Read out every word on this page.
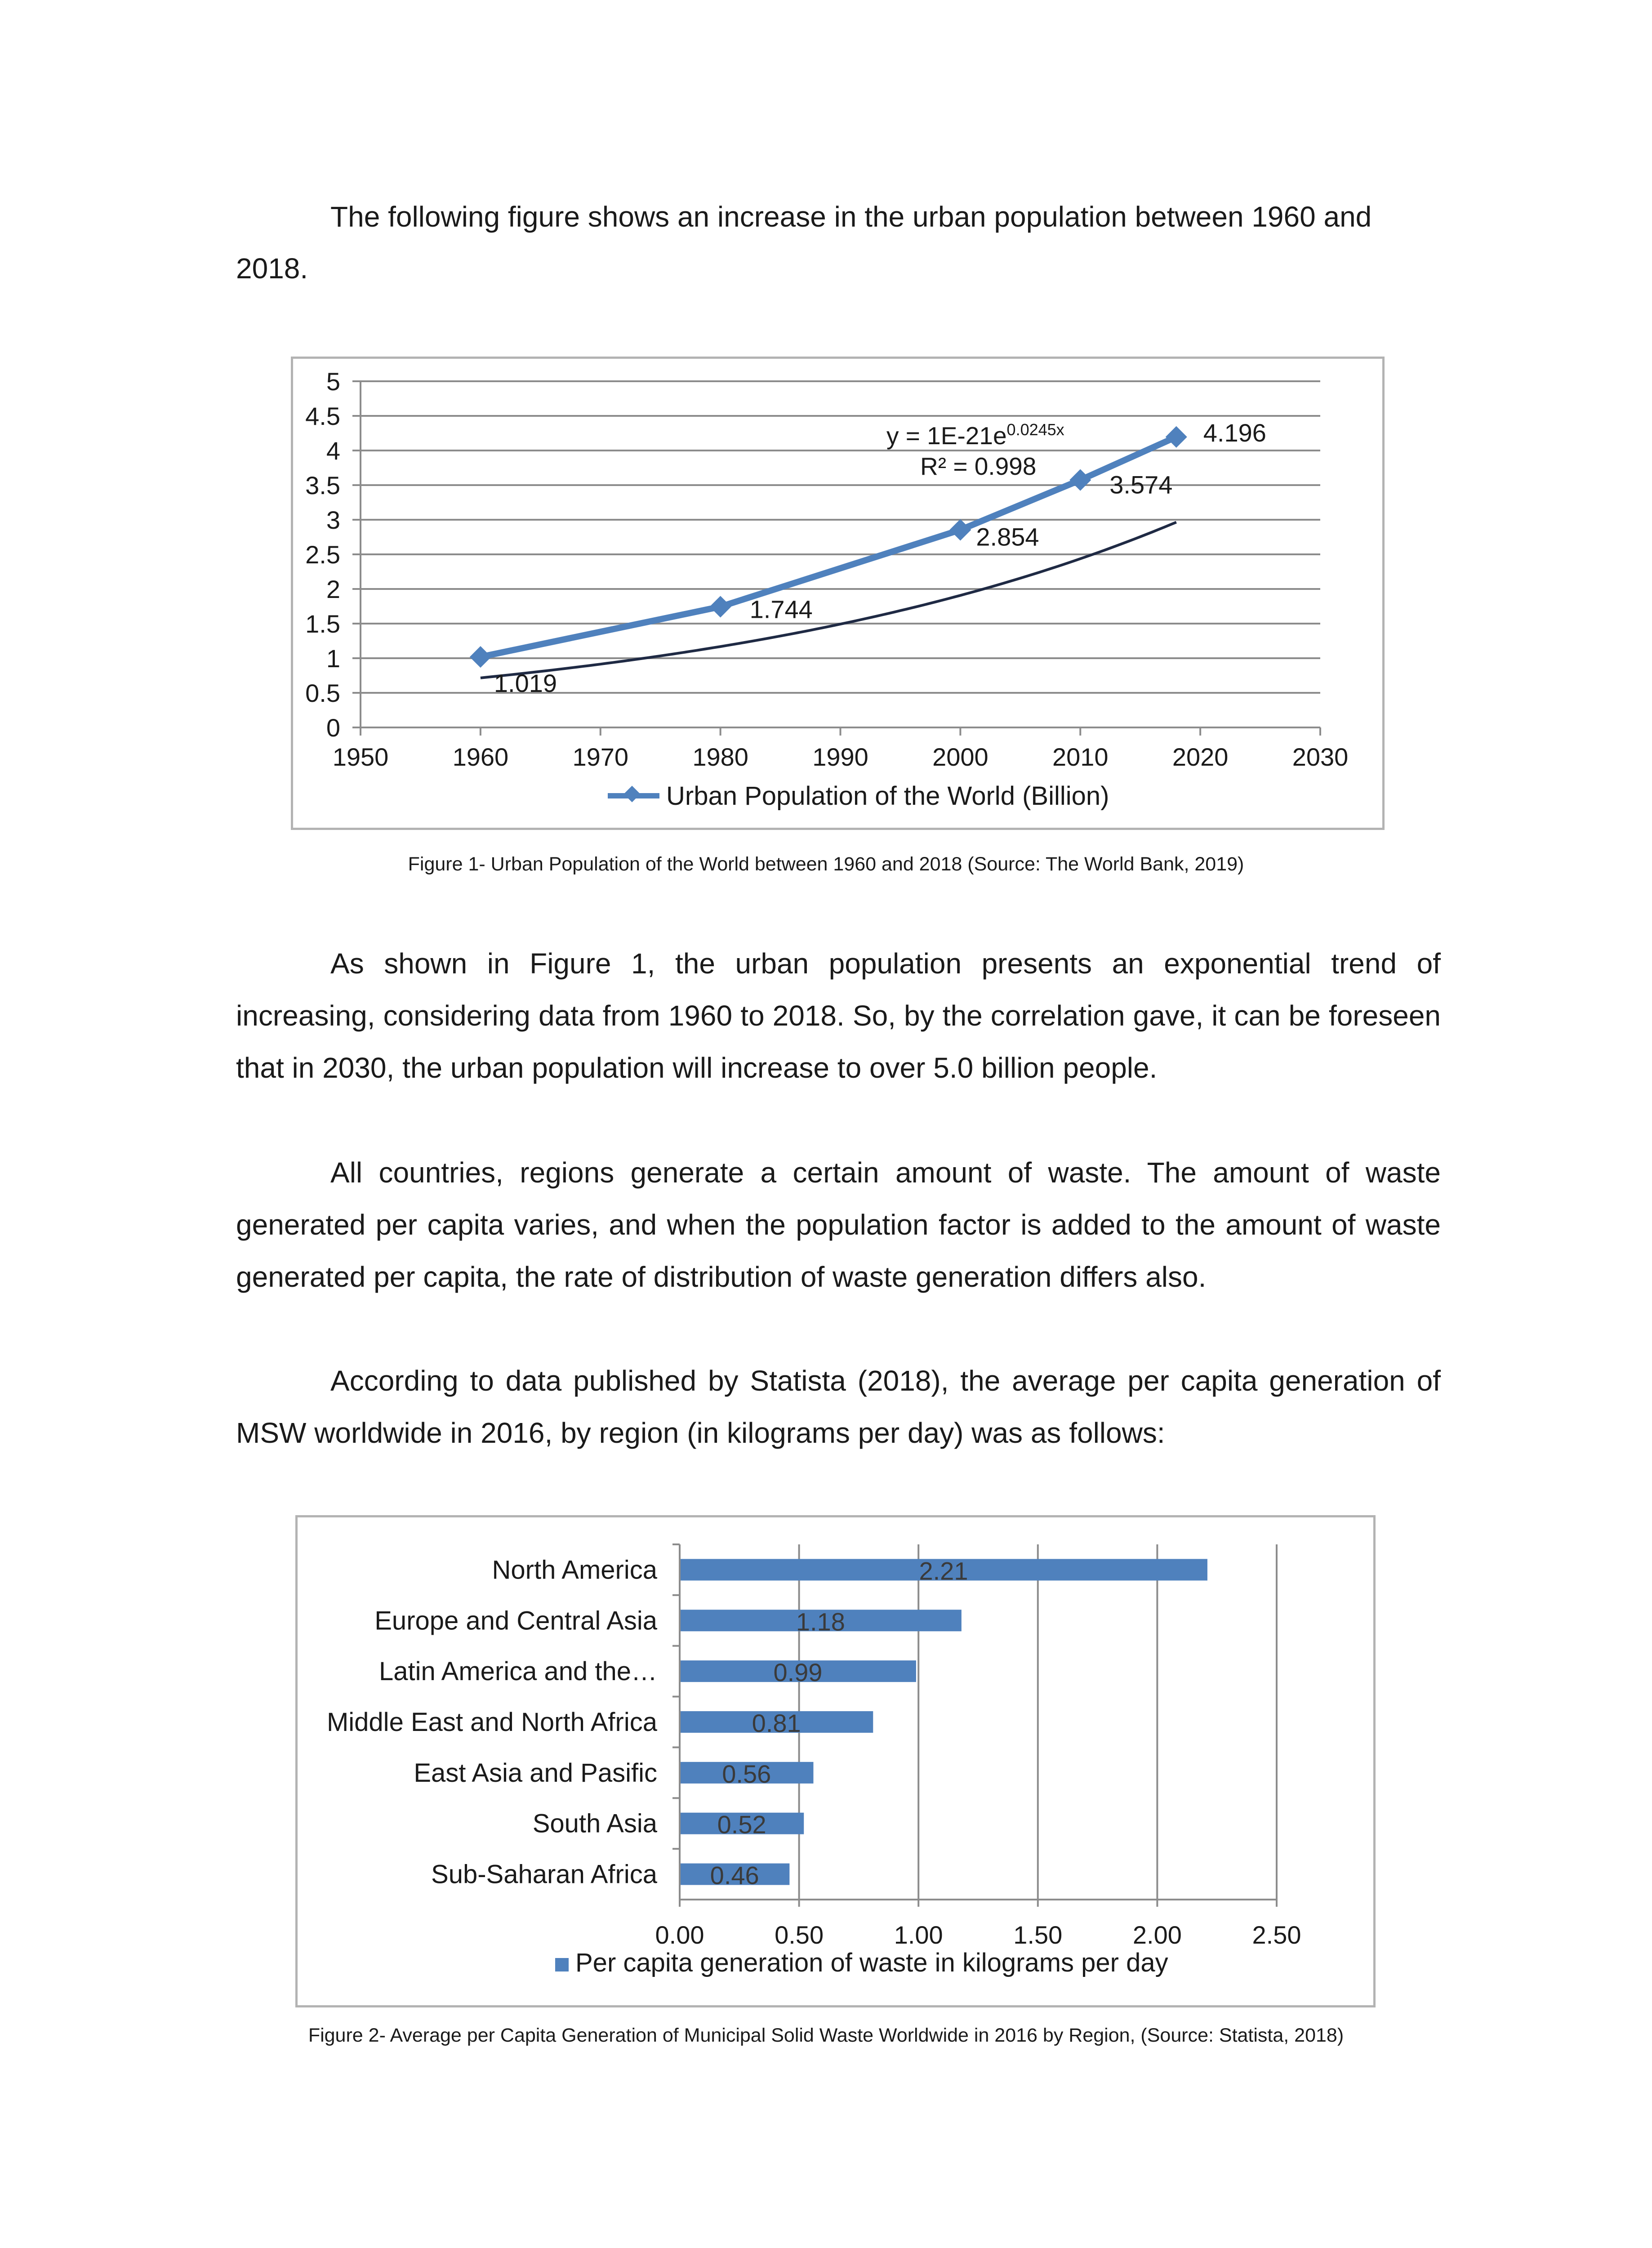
The following figure shows an increase in the urban population between 1960 and
2018.
0
0.5
1
1.5
2
2.5
3
3.5
4
4.5
5
1950	1960	1970	1980	1990	2000	2010	2020	2030
1.019
1.744
2.854
3.574
4.196
$y = 1E-21e^{0.0245x}$
R² = 0.998
Urban Population of the World (Billion)
Figure 1- Urban Population of the World between 1960 and 2018 (Source: The World Bank, 2019)
As shown in Figure 1, the urban population presents an exponential trend of increasing, considering data from 1960 to 2018. So, by the correlation gave, it can be foreseen that in 2030, the urban population will increase to over 5.0 billion people.
All countries, regions generate a certain amount of waste. The amount of waste generated per capita varies, and when the population factor is added to the amount of waste generated per capita, the rate of distribution of waste generation differs also.
According to data published by Statista (2018), the average per capita generation of MSW worldwide in 2016, by region (in kilograms per day) was as follows:
2.21
1.18
0.99
0.81
0.56
0.52
0.46
0.00	0.50	1.00	1.50	2.00	2.50
North America
Europe and Central Asia
Latin America and the…
Middle East and North Africa
East Asia and Pasific
South Asia
Sub-Saharan Africa
Per capita generation of waste in kilograms per day
Figure 2- Average per Capita Generation of Municipal Solid Waste Worldwide in 2016 by Region, (Source: Statista, 2018)
